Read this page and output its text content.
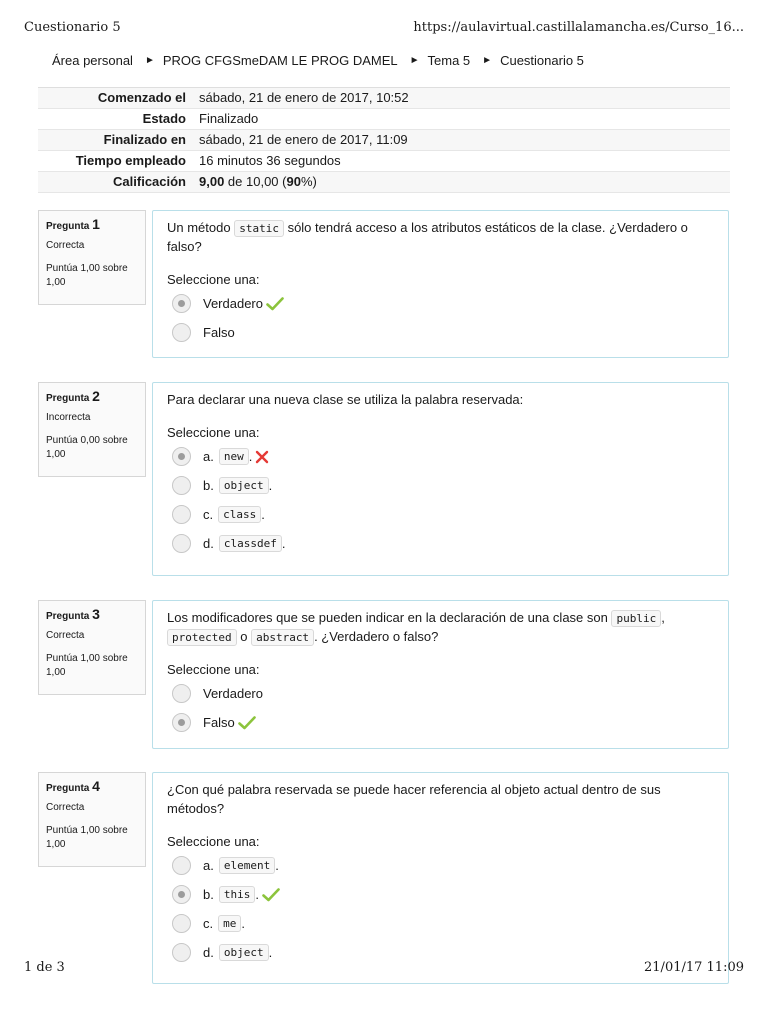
Cuestionario 5	https://aulavirtual.castillalamancha.es/Curso_16...
Área personal ► PROG CFGSmeDAM LE PROG DAMEL ► Tema 5 ► Cuestionario 5
Comenzado el	sábado, 21 de enero de 2017, 10:52
Estado	Finalizado
Finalizado en	sábado, 21 de enero de 2017, 11:09
Tiempo empleado	16 minutos 36 segundos
Calificación	9,00 de 10,00 (90%)
Pregunta 1
Correcta
Puntúa 1,00 sobre 1,00
Un método static sólo tendrá acceso a los atributos estáticos de la clase. ¿Verdadero o falso?
Seleccione una:
Verdadero
Falso
Pregunta 2
Incorrecta
Puntúa 0,00 sobre 1,00
Para declarar una nueva clase se utiliza la palabra reservada:
Seleccione una:
a. new .
b. object .
c. class .
d. classdef .
Pregunta 3
Correcta
Puntúa 1,00 sobre 1,00
Los modificadores que se pueden indicar en la declaración de una clase son public ,
protected o abstract . ¿Verdadero o falso?
Seleccione una:
Verdadero
Falso
Pregunta 4
Correcta
Puntúa 1,00 sobre 1,00
¿Con qué palabra reservada se puede hacer referencia al objeto actual dentro de sus métodos?
Seleccione una:
a. element .
b. this .
c. me .
d. object .
1 de 3	21/01/17 11:09
